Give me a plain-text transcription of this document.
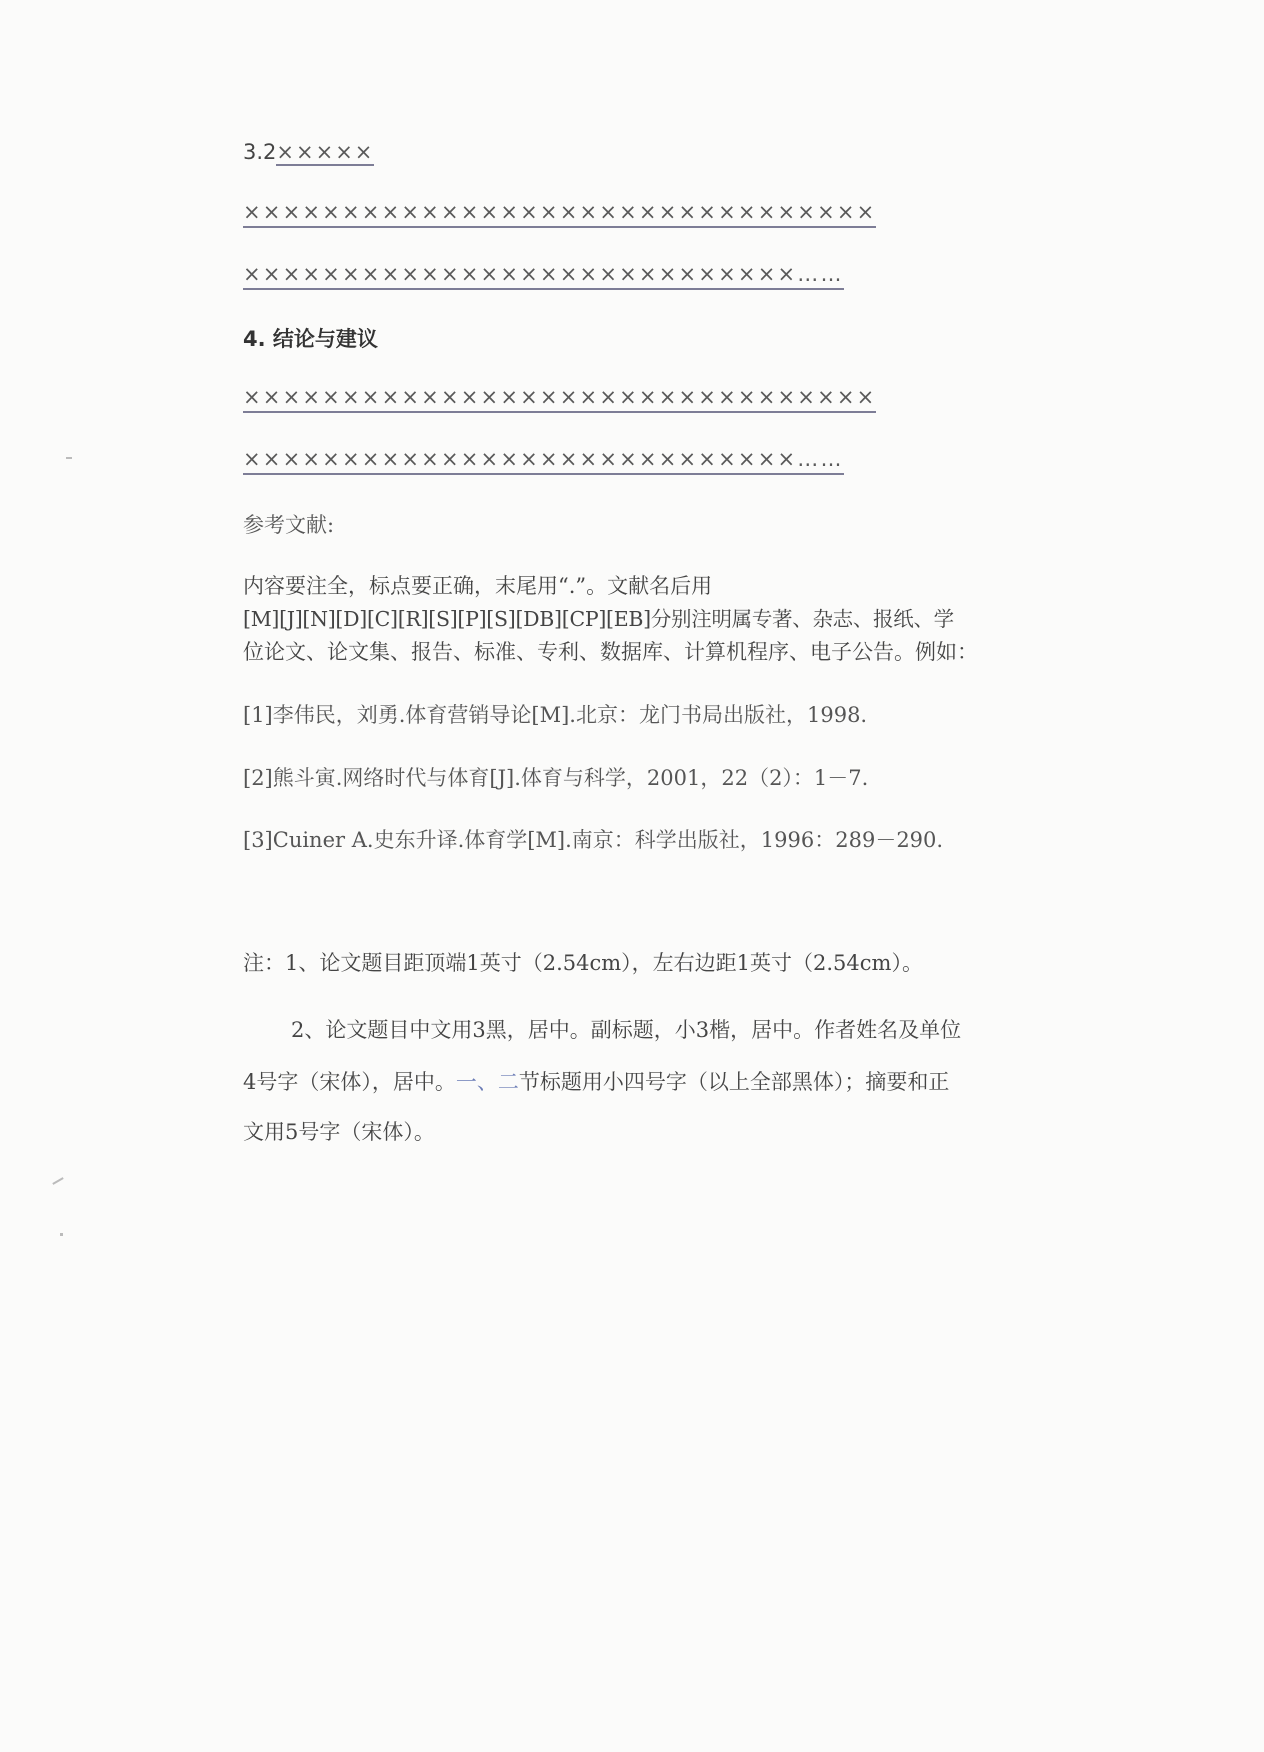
3.2×××××
××××××××××××××××××××××××××××××××
××××××××××××××××××××××××××××……
4. 结论与建议
××××××××××××××××××××××××××××××××
××××××××××××××××××××××××××××……
参考文献:
内容要注全，标点要正确，末尾用“.”。文献名后用
[M][J][N][D][C][R][S][P][S][DB][CP][EB]分别注明属专著、杂志、报纸、学
位论文、论文集、报告、标准、专利、数据库、计算机程序、电子公告。例如：
[1]李伟民，刘勇.体育营销导论[M].北京：龙门书局出版社，1998.
[2]熊斗寅.网络时代与体育[J].体育与科学，2001，22（2）：1－7.
[3]Cuiner A.史东升译.体育学[M].南京：科学出版社，1996：289－290.
注：1、论文题目距顶端1英寸（2.54cm），左右边距1英寸（2.54cm）。
2、论文题目中文用3黑，居中。副标题，小3楷，居中。作者姓名及单位
4号字（宋体），居中。一、二节标题用小四号字（以上全部黑体）；摘要和正
文用5号字（宋体）。
